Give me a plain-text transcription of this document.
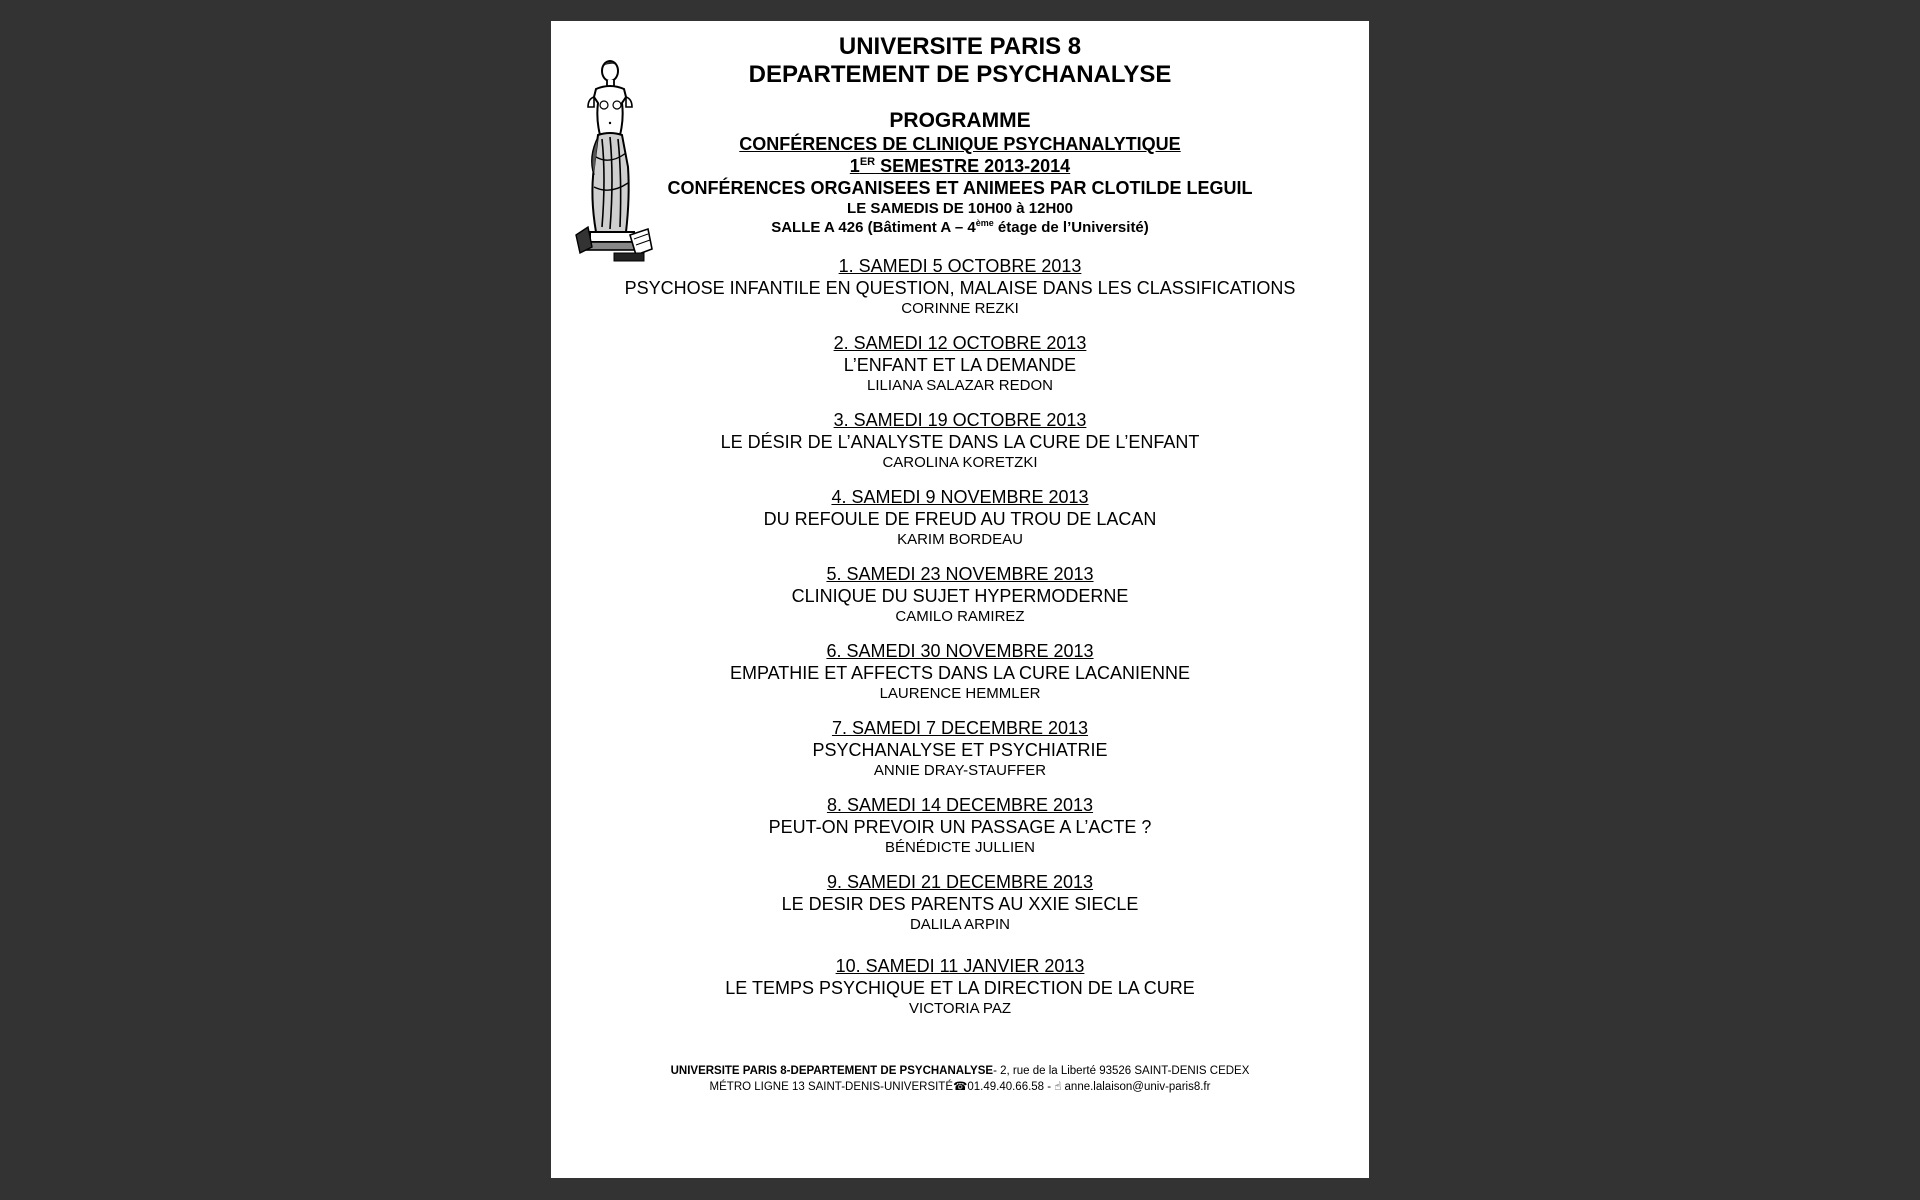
UNIVERSITE PARIS 8
DEPARTEMENT DE PSYCHANALYSE
PROGRAMME
CONFÉRENCES DE CLINIQUE PSYCHANALYTIQUE
1ER SEMESTRE 2013-2014
CONFÉRENCES ORGANISEES ET ANIMEES PAR CLOTILDE LEGUIL
LE SAMEDIS DE 10H00 à 12H00
SALLE A 426 (Bâtiment A – 4ème étage de l’Université)
1. SAMEDI 5 OCTOBRE 2013
PSYCHOSE INFANTILE EN QUESTION, MALAISE DANS LES CLASSIFICATIONS
CORINNE REZKI
2. SAMEDI 12 OCTOBRE 2013
L’ENFANT ET LA DEMANDE
LILIANA SALAZAR REDON
3. SAMEDI 19 OCTOBRE 2013
LE DÉSIR DE L’ANALYSTE DANS LA CURE DE L’ENFANT
CAROLINA KORETZKI
4. SAMEDI 9 NOVEMBRE 2013
DU REFOULE DE FREUD AU TROU DE LACAN
KARIM BORDEAU
5. SAMEDI 23 NOVEMBRE 2013
CLINIQUE DU SUJET HYPERMODERNE
CAMILO RAMIREZ
6. SAMEDI 30 NOVEMBRE 2013
EMPATHIE ET AFFECTS DANS LA CURE LACANIENNE
LAURENCE HEMMLER
7. SAMEDI 7 DECEMBRE 2013
PSYCHANALYSE ET PSYCHIATRIE
ANNIE DRAY-STAUFFER
8. SAMEDI 14 DECEMBRE 2013
PEUT-ON PREVOIR UN PASSAGE A L’ACTE ?
BÉNÉDICTE JULLIEN
9. SAMEDI 21 DECEMBRE 2013
LE DESIR DES PARENTS AU XXIE SIECLE
DALILA ARPIN
10. SAMEDI 11 JANVIER 2013
LE TEMPS PSYCHIQUE ET LA DIRECTION DE LA CURE
VICTORIA PAZ
UNIVERSITE PARIS 8-DEPARTEMENT DE PSYCHANALYSE- 2, rue de la Liberté 93526 SAINT-DENIS CEDEX
MÉTRO LIGNE 13 SAINT-DENIS-UNIVERSITÉ☎01.49.40.66.58 - ☝ anne.lalaison@univ-paris8.fr
